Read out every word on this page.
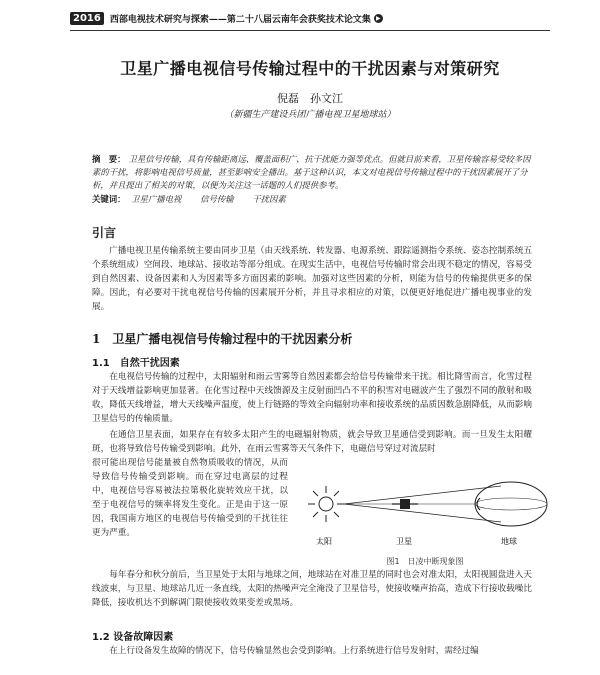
2016	西部电视技术研究与探索——第二十八届云南年会获奖技术论文集 ▶
卫星广播电视信号传输过程中的干扰因素与对策研究
倪磊　孙文江
（新疆生产建设兵团广播电视卫星地球站）
摘　要： 卫星信号传输，具有传输距离远、覆盖面积广、抗干扰能力强等优点。但就目前来看，卫星传输容易受较多因素的干扰，将影响电视信号质量，甚至影响安全播出。基于这种认识，本文对电视信号传输过程中的干扰因素展开了分析，并且提出了相关的对策，以便为关注这一话题的人们提供参考。
关键词： 卫星广播电视 信号传输 干扰因素
引言
广播电视卫星传输系统主要由同步卫星（由天线系统、转发器、电源系统、跟踪遥测指令系统、姿态控制系统五个系统组成）空间段、地球站、接收站等部分组成。在现实生活中，电视信号传输时常会出现不稳定的情况，容易受到自然因素、设备因素和人为因素等多方面因素的影响。加强对这些因素的分析，则能为信号的传输提供更多的保障。因此，有必要对干扰电视信号传输的因素展开分析，并且寻求相应的对策，以便更好地促进广播电视事业的发展。
1　卫星广播电视信号传输过程中的干扰因素分析
1.1　自然干扰因素
在电视信号传输的过程中，太阳辐射和雨云雪雾等自然因素都会给信号传输带来干扰。相比降雪而言，化雪过程对于天线增益影响更加显著。在化雪过程中天线馈源及主反射面凹凸不平的积雪对电磁波产生了强烈不同的散射和吸收，降低天线增益，增大天线噪声温度，使上行链路的等效全向辐射功率和接收系统的品质因数急剧降低，从而影响卫星信号的传输质量。
在通信卫星表面，如果存在有较多太阳产生的电磁辐射物质，就会导致卫星通信受到影响。而一旦发生太阳耀斑，也将导致信号传输受到影响。此外，在雨云雪雾等天气条件下，电磁信号穿过对流层时
很可能出现信号能量被自然物质吸收的情况，从而导致信号传输受到影响。而在穿过电离层的过程中，电视信号容易被法拉第极化旋转效应干扰，以至于电视信号的频率将发生变化。正是由于这一原因，我国南方地区的电视信号传输受到的干扰往往更为严重。
太阳	卫星	地球
图1　日凌中断现象图
每年春分和秋分前后，当卫星处于太阳与地球之间，地球站在对准卫星的同时也会对准太阳，太阳视圆盘进入天线波束，与卫星、地球站几近一条直线，太阳的热噪声完全淹没了卫星信号，使接收噪声抬高，造成下行接收载噪比降低，接收机达不到解调门限使接收效果变差或黑场。
1.2 设备故障因素
在上行设备发生故障的情况下，信号传输显然也会受到影响。上行系统进行信号发射时，需经过编
